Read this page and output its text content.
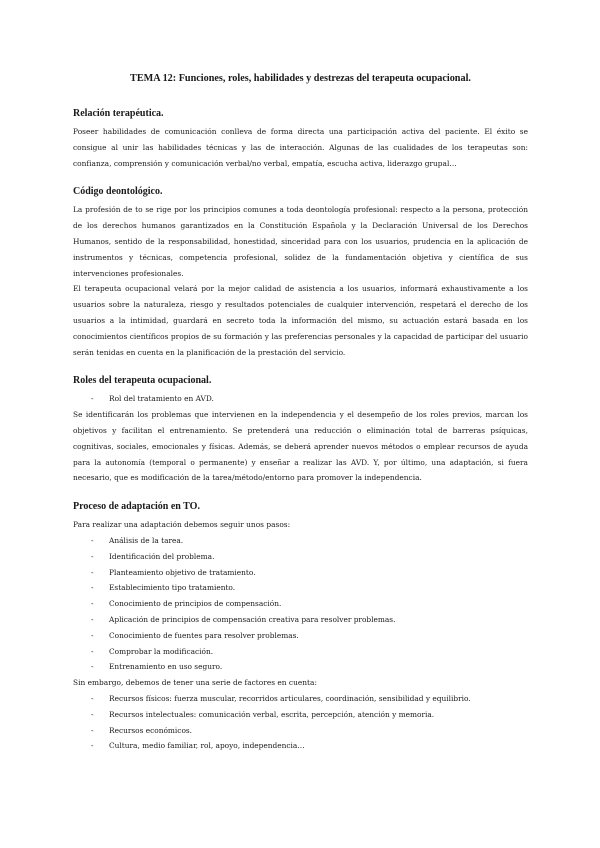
TEMA 12: Funciones, roles, habilidades y destrezas del terapeuta ocupacional.
Relación terapéutica.

Poseer habilidades de comunicación conlleva de forma directa una participación activa del paciente. El éxito se consigue al unir las habilidades técnicas y las de interacción. Algunas de las cualidades de los terapeutas son: confianza, comprensión y comunicación verbal/no verbal, empatía, escucha activa, liderazgo grupal…

Código deontológico.

La profesión de to se rige por los principios comunes a toda deontología profesional: respecto a la persona, protección de los derechos humanos garantizados en la Constitución Española y la Declaración Universal de los Derechos Humanos, sentido de la responsabilidad, honestidad, sinceridad para con los usuarios, prudencia en la aplicación de instrumentos y técnicas, competencia profesional, solidez de la fundamentación objetiva y científica de sus intervenciones profesionales.

El terapeuta ocupacional velará por la mejor calidad de asistencia a los usuarios, informará exhaustivamente a los usuarios sobre la naturaleza, riesgo y resultados potenciales de cualquier intervención, respetará el derecho de los usuarios a la intimidad, guardará en secreto toda la información del mismo, su actuación estará basada en los conocimientos científicos propios de su formación y las preferencias personales y la capacidad de participar del usuario serán tenidas en cuenta en la planificación de la prestación del servicio.

Roles del terapeuta ocupacional.
- Rol del tratamiento en AVD.

Se identificarán los problemas que intervienen en la independencia y el desempeño de los roles previos, marcan los objetivos y facilitan el entrenamiento. Se pretenderá una reducción o eliminación total de barreras psíquicas, cognitivas, sociales, emocionales y físicas. Además, se deberá aprender nuevos métodos o emplear recursos de ayuda para la autonomía (temporal o permanente) y enseñar a realizar las AVD. Y, por último, una adaptación, si fuera necesario, que es modificación de la tarea/método/entorno para promover la independencia.

Proceso de adaptación en TO.

Para realizar una adaptación debemos seguir unos pasos:

- Análisis de la tarea.
- Identificación del problema.
- Planteamiento objetivo de tratamiento.
- Establecimiento tipo tratamiento.
- Conocimiento de principios de compensación.
- Aplicación de principios de compensación creativa para resolver problemas.
- Conocimiento de fuentes para resolver problemas.
- Comprobar la modificación.
- Entrenamiento en uso seguro.

Sin embargo, debemos de tener una serie de factores en cuenta:

- Recursos físicos: fuerza muscular, recorridos articulares, coordinación, sensibilidad y equilibrio.
- Recursos intelectuales: comunicación verbal, escrita, percepción, atención y memoria.
- Recursos económicos.
- Cultura, medio familiar, rol, apoyo, independencia…
